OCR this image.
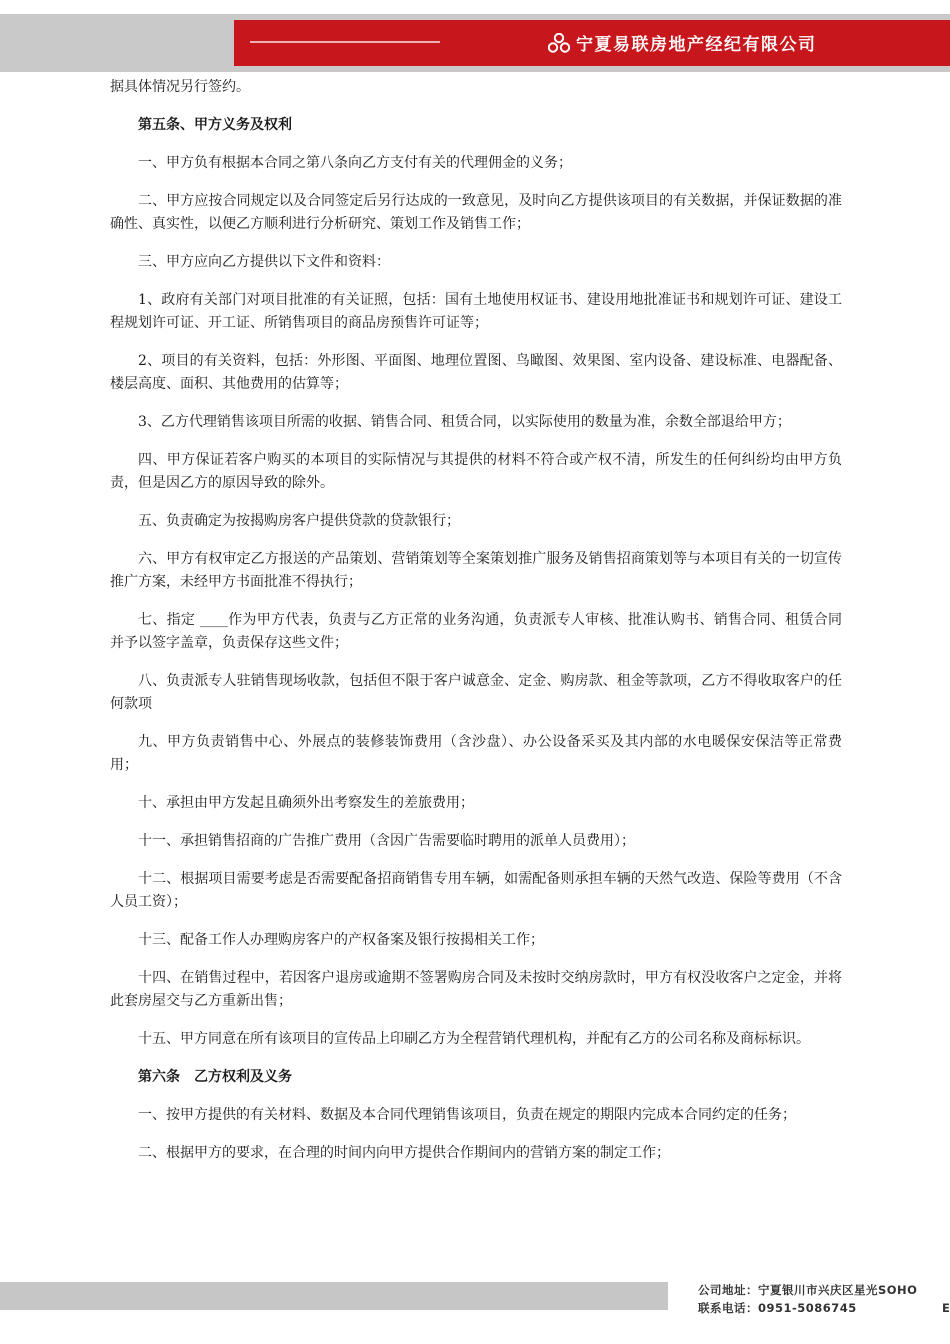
宁夏易联房地产经纪有限公司

据具体情况另行签约。

第五条、甲方义务及权利

一、甲方负有根据本合同之第八条向乙方支付有关的代理佣金的义务；

二、甲方应按合同规定以及合同签定后另行达成的一致意见，及时向乙方提供该项目的有关数据，并保证数据的准确性、真实性，以便乙方顺利进行分析研究、策划工作及销售工作；

三、甲方应向乙方提供以下文件和资料：

1、政府有关部门对项目批准的有关证照，包括：国有土地使用权证书、建设用地批准证书和规划许可证、建设工程规划许可证、开工证、所销售项目的商品房预售许可证等；

2、项目的有关资料，包括：外形图、平面图、地理位置图、鸟瞰图、效果图、室内设备、建设标准、电器配备、楼层高度、面积、其他费用的估算等；

3、乙方代理销售该项目所需的收据、销售合同、租赁合同，以实际使用的数量为准，余数全部退给甲方；

四、甲方保证若客户购买的本项目的实际情况与其提供的材料不符合或产权不清，所发生的任何纠纷均由甲方负责，但是因乙方的原因导致的除外。

五、负责确定为按揭购房客户提供贷款的贷款银行；

六、甲方有权审定乙方报送的产品策划、营销策划等全案策划推广服务及销售招商策划等与本项目有关的一切宣传推广方案，未经甲方书面批准不得执行；

七、指定 ____作为甲方代表，负责与乙方正常的业务沟通，负责派专人审核、批准认购书、销售合同、租赁合同并予以签字盖章，负责保存这些文件；

八、负责派专人驻销售现场收款，包括但不限于客户诚意金、定金、购房款、租金等款项，乙方不得收取客户的任何款项

九、甲方负责销售中心、外展点的装修装饰费用（含沙盘）、办公设备采买及其内部的水电暖保安保洁等正常费用；

十、承担由甲方发起且确须外出考察发生的差旅费用；

十一、承担销售招商的广告推广费用（含因广告需要临时聘用的派单人员费用）；

十二、根据项目需要考虑是否需要配备招商销售专用车辆，如需配备则承担车辆的天然气改造、保险等费用（不含人员工资）；

十三、配备工作人办理购房客户的产权备案及银行按揭相关工作；

十四、在销售过程中，若因客户退房或逾期不签署购房合同及未按时交纳房款时，甲方有权没收客户之定金，并将此套房屋交与乙方重新出售；

十五、甲方同意在所有该项目的宣传品上印刷乙方为全程营销代理机构，并配有乙方的公司名称及商标标识。

第六条　乙方权利及义务

一、按甲方提供的有关材料、数据及本合同代理销售该项目，负责在规定的期限内完成本合同约定的任务；

二、根据甲方的要求，在合理的时间内向甲方提供合作期间内的营销方案的制定工作；

公司地址：宁夏银川市兴庆区星光SOHO
联系电话：0951-5086745	E
